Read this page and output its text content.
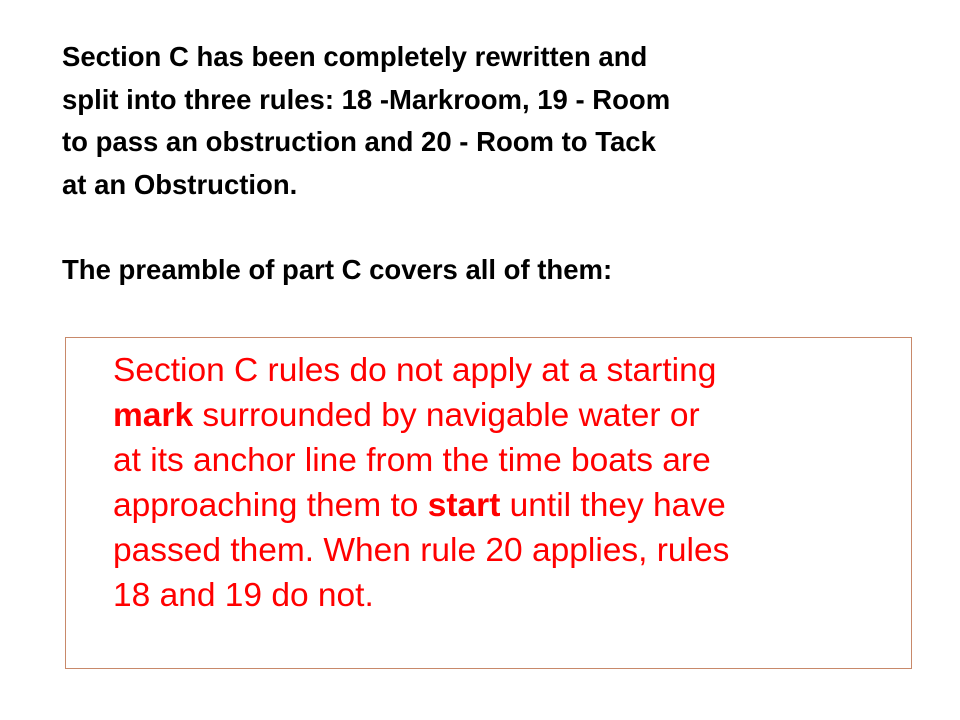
Section C has been completely rewritten and
split into three rules: 18 -Markroom, 19 - Room
to pass an obstruction and 20 - Room to Tack
at an Obstruction.
The preamble of part C covers all of them:
Section C rules do not apply at a starting
mark surrounded by navigable water or
at its anchor line from the time boats are
approaching them to start until they have
passed them. When rule 20 applies, rules
18 and 19 do not.
